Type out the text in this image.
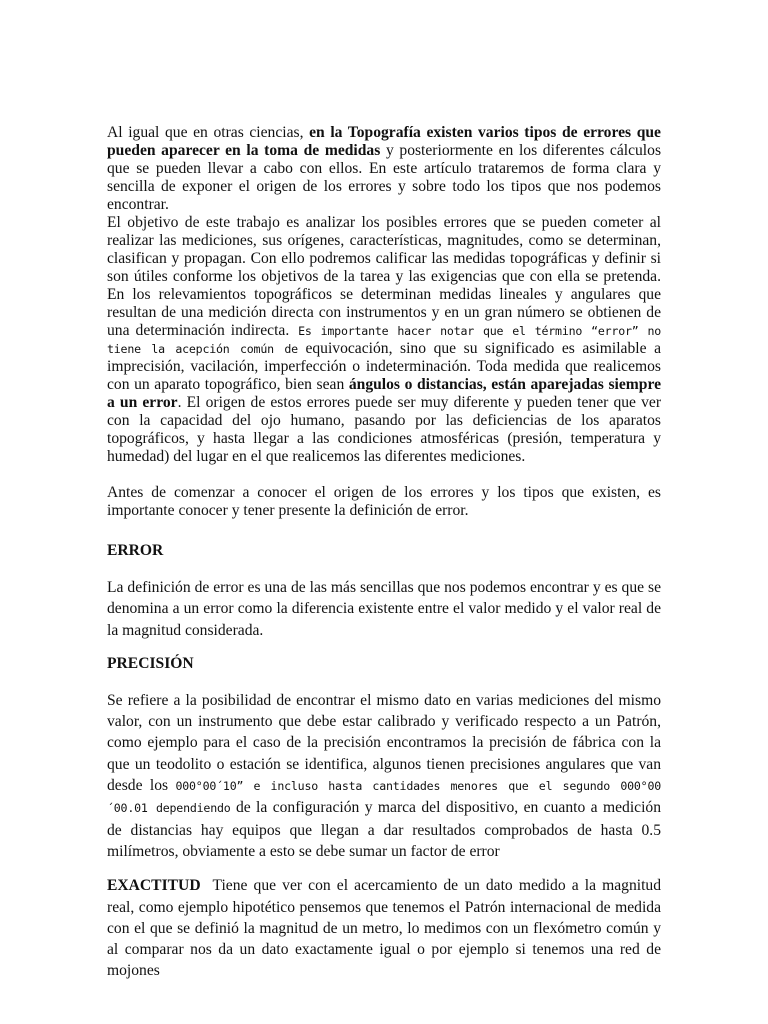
Al igual que en otras ciencias, en la Topografía existen varios tipos de errores que pueden aparecer en la toma de medidas y posteriormente en los diferentes cálculos que se pueden llevar a cabo con ellos. En este artículo trataremos de forma clara y sencilla de exponer el origen de los errores y sobre todo los tipos que nos podemos encontrar.

El objetivo de este trabajo es analizar los posibles errores que se pueden cometer al realizar las mediciones, sus orígenes, características, magnitudes, como se determinan, clasifican y propagan. Con ello podremos calificar las medidas topográficas y definir si son útiles conforme los objetivos de la tarea y las exigencias que con ella se pretenda. En los relevamientos topográficos se determinan medidas lineales y angulares que resultan de una medición directa con instrumentos y en un gran número se obtienen de una determinación indirecta. Es importante hacer notar que el término “error” no tiene la acepción común de equivocación, sino que su significado es asimilable a imprecisión, vacilación, imperfección o indeterminación. Toda medida que realicemos con un aparato topográfico, bien sean ángulos o distancias, están aparejadas siempre a un error. El origen de estos errores puede ser muy diferente y pueden tener que ver con la capacidad del ojo humano, pasando por las deficiencias de los aparatos topográficos, y hasta llegar a las condiciones atmosféricas (presión, temperatura y humedad) del lugar en el que realicemos las diferentes mediciones.

Antes de comenzar a conocer el origen de los errores y los tipos que existen, es importante conocer y tener presente la definición de error.

ERROR

La definición de error es una de las más sencillas que nos podemos encontrar y es que se denomina a un error como la diferencia existente entre el valor medido y el valor real de la magnitud considerada.

PRECISIÓN

Se refiere a la posibilidad de encontrar el mismo dato en varias mediciones del mismo valor, con un instrumento que debe estar calibrado y verificado respecto a un Patrón, como ejemplo para el caso de la precisión encontramos la precisión de fábrica con la que un teodolito o estación se identifica, algunos tienen precisiones angulares que van desde los 000°00´10” e incluso hasta cantidades menores que el segundo 000°00´00.01 dependiendo de la configuración y marca del dispositivo, en cuanto a medición de distancias hay equipos que llegan a dar resultados comprobados de hasta 0.5 milímetros, obviamente a esto se debe sumar un factor de error

EXACTITUD  Tiene que ver con el acercamiento de un dato medido a la magnitud real, como ejemplo hipotético pensemos que tenemos el Patrón internacional de medida con el que se definió la magnitud de un metro, lo medimos con un flexómetro común y al comparar nos da un dato exactamente igual o por ejemplo si tenemos una red de mojones
